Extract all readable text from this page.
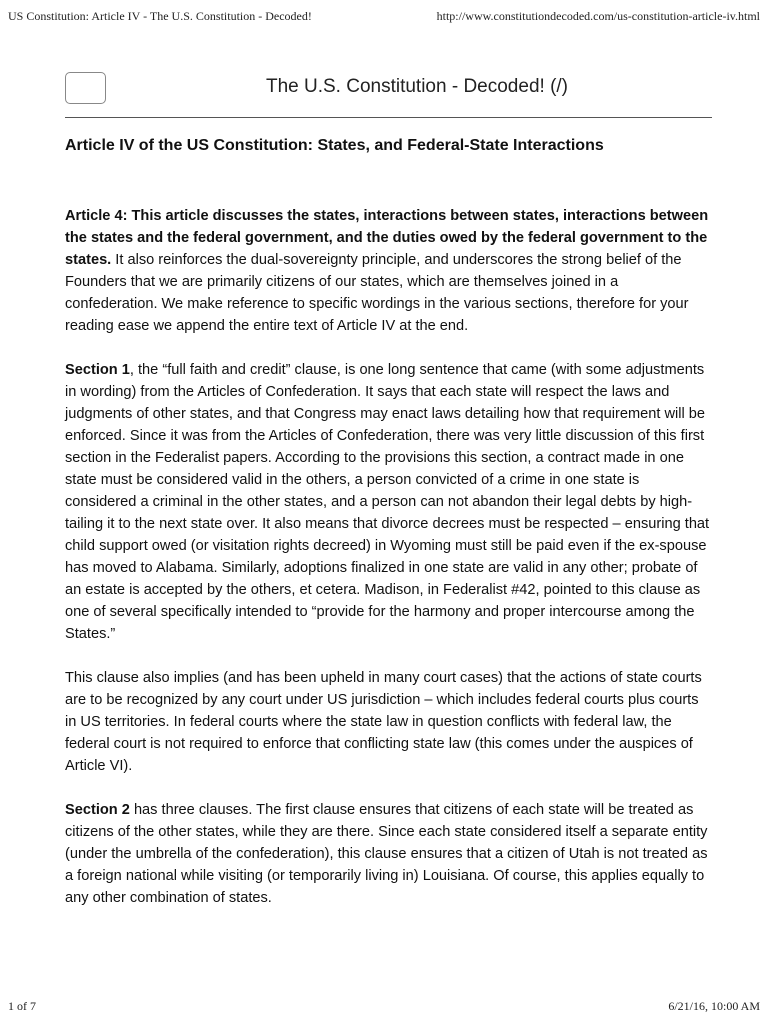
US Constitution: Article IV - The U.S. Constitution - Decoded!	http://www.constitutiondecoded.com/us-constitution-article-iv.html
The U.S. Constitution - Decoded! (/)
Article IV of the US Constitution: States, and Federal-State Interactions

Article 4: This article discusses the states, interactions between states, interactions between the states and the federal government, and the duties owed by the federal government to the states. It also reinforces the dual-sovereignty principle, and underscores the strong belief of the Founders that we are primarily citizens of our states, which are themselves joined in a confederation. We make reference to specific wordings in the various sections, therefore for your reading ease we append the entire text of Article IV at the end.

Section 1, the “full faith and credit” clause, is one long sentence that came (with some adjustments in wording) from the Articles of Confederation. It says that each state will respect the laws and judgments of other states, and that Congress may enact laws detailing how that requirement will be enforced. Since it was from the Articles of Confederation, there was very little discussion of this first section in the Federalist papers. According to the provisions this section, a contract made in one state must be considered valid in the others, a person convicted of a crime in one state is considered a criminal in the other states, and a person can not abandon their legal debts by high-tailing it to the next state over. It also means that divorce decrees must be respected – ensuring that child support owed (or visitation rights decreed) in Wyoming must still be paid even if the ex-spouse has moved to Alabama. Similarly, adoptions finalized in one state are valid in any other; probate of an estate is accepted by the others, et cetera. Madison, in Federalist #42, pointed to this clause as one of several specifically intended to “provide for the harmony and proper intercourse among the States.”

This clause also implies (and has been upheld in many court cases) that the actions of state courts are to be recognized by any court under US jurisdiction – which includes federal courts plus courts in US territories. In federal courts where the state law in question conflicts with federal law, the federal court is not required to enforce that conflicting state law (this comes under the auspices of Article VI).

Section 2 has three clauses. The first clause ensures that citizens of each state will be treated as citizens of the other states, while they are there. Since each state considered itself a separate entity (under the umbrella of the confederation), this clause ensures that a citizen of Utah is not treated as a foreign national while visiting (or temporarily living in) Louisiana. Of course, this applies equally to any other combination of states.

1 of 7	6/21/16, 10:00 AM
